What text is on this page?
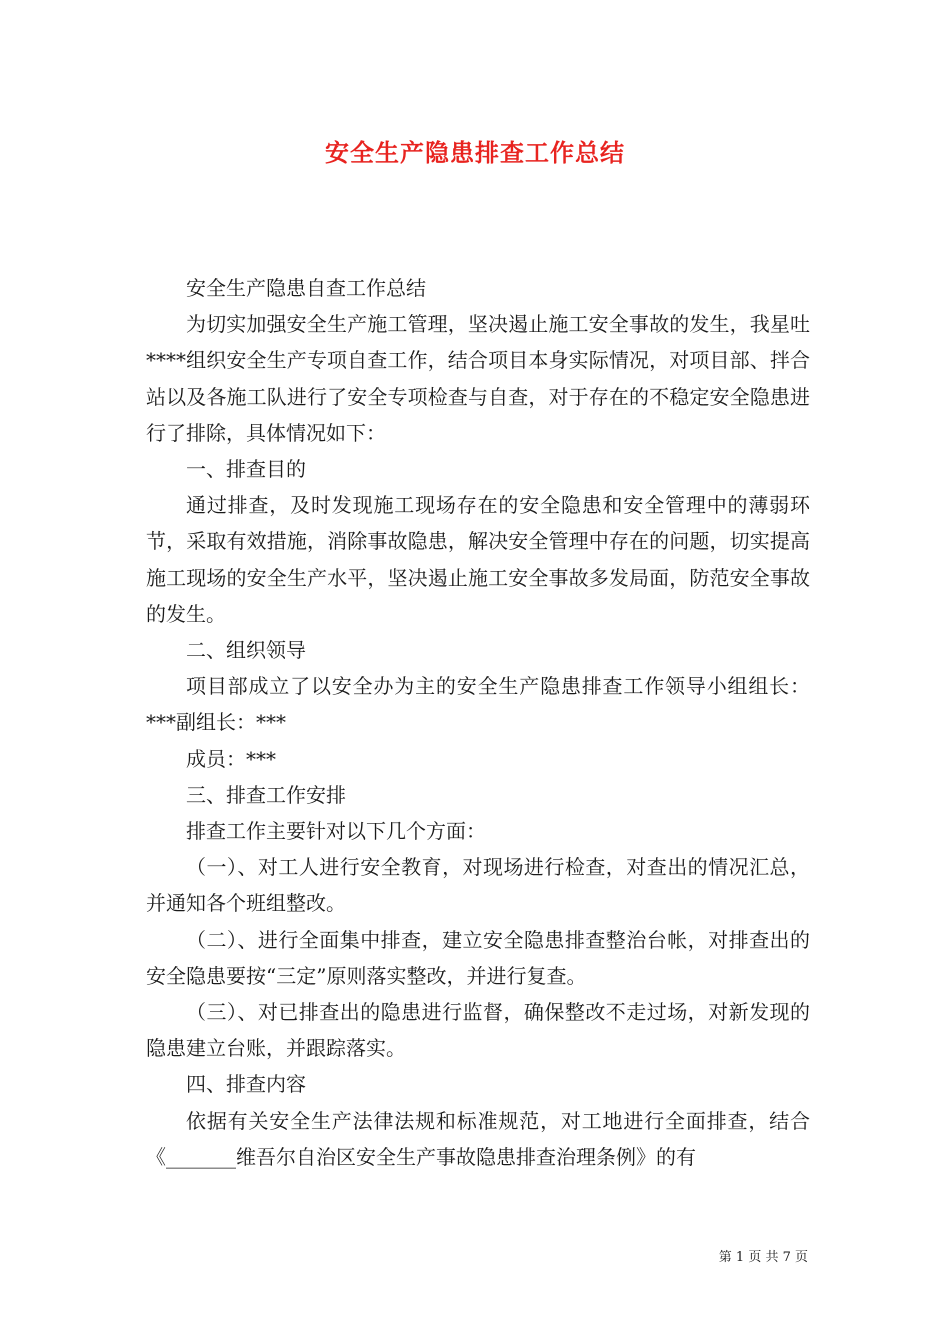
安全生产隐患排查工作总结

安全生产隐患自查工作总结

为切实加强安全生产施工管理，坚决遏止施工安全事故的发生，我星吐****组织安全生产专项自查工作，结合项目本身实际情况，对项目部、拌合站以及各施工队进行了安全专项检查与自查，对于存在的不稳定安全隐患进行了排除，具体情况如下：

一、排查目的

通过排查，及时发现施工现场存在的安全隐患和安全管理中的薄弱环节，采取有效措施，消除事故隐患，解决安全管理中存在的问题，切实提高施工现场的安全生产水平，坚决遏止施工安全事故多发局面，防范安全事故的发生。

二、组织领导

项目部成立了以安全办为主的安全生产隐患排查工作领导小组组长：***副组长：***

成员：***

三、排查工作安排

排查工作主要针对以下几个方面：

（一）、对工人进行安全教育，对现场进行检查，对查出的情况汇总，并通知各个班组整改。

（二）、进行全面集中排查，建立安全隐患排查整治台帐，对排查出的安全隐患要按“三定”原则落实整改，并进行复查。

（三）、对已排查出的隐患进行监督，确保整改不走过场，对新发现的隐患建立台账，并跟踪落实。

四、排查内容

依据有关安全生产法律法规和标准规范，对工地进行全面排查，结合《_______维吾尔自治区安全生产事故隐患排查治理条例》的有

第 1 页 共 7 页
